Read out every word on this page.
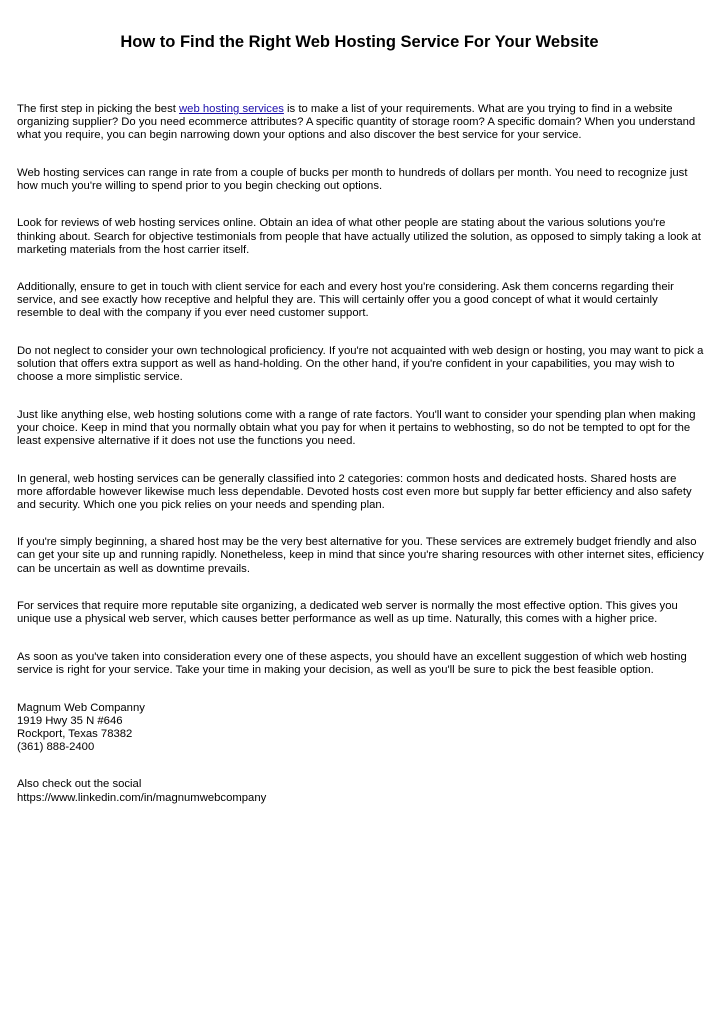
How to Find the Right Web Hosting Service For Your Website

The first step in picking the best web hosting services is to make a list of your requirements. What are you trying to find in a website organizing supplier? Do you need ecommerce attributes? A specific quantity of storage room? A specific domain? When you understand what you require, you can begin narrowing down your options and also discover the best service for your service.

Web hosting services can range in rate from a couple of bucks per month to hundreds of dollars per month. You need to recognize just how much you're willing to spend prior to you begin checking out options.

Look for reviews of web hosting services online. Obtain an idea of what other people are stating about the various solutions you're thinking about. Search for objective testimonials from people that have actually utilized the solution, as opposed to simply taking a look at marketing materials from the host carrier itself.

Additionally, ensure to get in touch with client service for each and every host you're considering. Ask them concerns regarding their service, and see exactly how receptive and helpful they are. This will certainly offer you a good concept of what it would certainly resemble to deal with the company if you ever need customer support.

Do not neglect to consider your own technological proficiency. If you're not acquainted with web design or hosting, you may want to pick a solution that offers extra support as well as hand-holding. On the other hand, if you're confident in your capabilities, you may wish to choose a more simplistic service.

Just like anything else, web hosting solutions come with a range of rate factors. You'll want to consider your spending plan when making your choice. Keep in mind that you normally obtain what you pay for when it pertains to webhosting, so do not be tempted to opt for the least expensive alternative if it does not use the functions you need.

In general, web hosting services can be generally classified into 2 categories: common hosts and dedicated hosts. Shared hosts are more affordable however likewise much less dependable. Devoted hosts cost even more but supply far better efficiency and also safety and security. Which one you pick relies on your needs and spending plan.

If you're simply beginning, a shared host may be the very best alternative for you. These services are extremely budget friendly and also can get your site up and running rapidly. Nonetheless, keep in mind that since you're sharing resources with other internet sites, efficiency can be uncertain as well as downtime prevails.

For services that require more reputable site organizing, a dedicated web server is normally the most effective option. This gives you unique use a physical web server, which causes better performance as well as up time. Naturally, this comes with a higher price.

As soon as you've taken into consideration every one of these aspects, you should have an excellent suggestion of which web hosting service is right for your service. Take your time in making your decision, as well as you'll be sure to pick the best feasible option.

Magnum Web Companny
1919 Hwy 35 N #646
Rockport, Texas 78382
(361) 888-2400
Also check out the social
https://www.linkedin.com/in/magnumwebcompany
